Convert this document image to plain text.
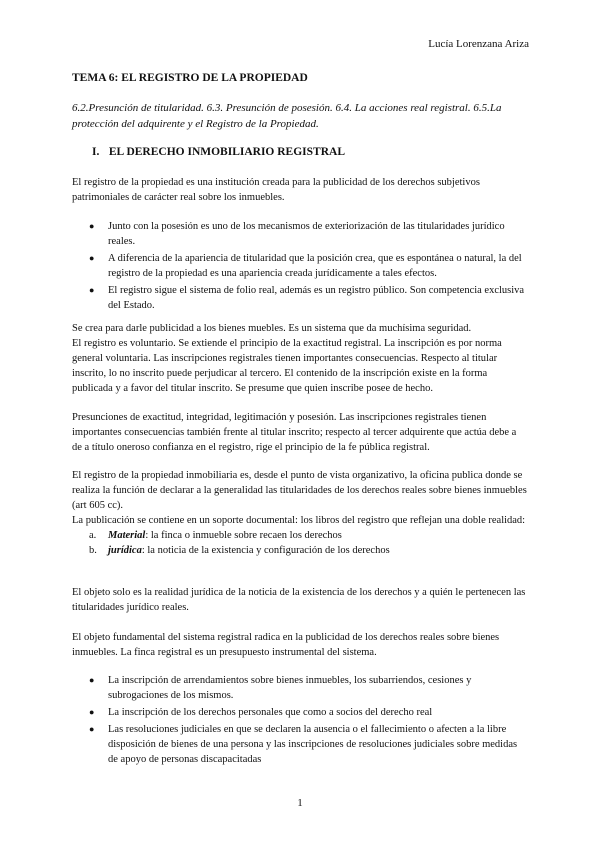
Lucía Lorenzana Ariza
TEMA 6: EL REGISTRO DE LA PROPIEDAD
6.2.Presunción de titularidad. 6.3. Presunción de posesión. 6.4. La acciones real registral. 6.5.La protección del adquirente y el Registro de la Propiedad.
I. EL DERECHO INMOBILIARIO REGISTRAL
El registro de la propiedad es una institución creada para la publicidad de los derechos subjetivos patrimoniales de carácter real sobre los inmuebles.
● Junto con la posesión es uno de los mecanismos de exteriorización de las titularidades jurídico reales.
● A diferencia de la apariencia de titularidad que la posición crea, que es espontánea o natural, la del registro de la propiedad es una apariencia creada jurídicamente a tales efectos.
● El registro sigue el sistema de folio real, además es un registro público. Son competencia exclusiva del Estado.
Se crea para darle publicidad a los bienes muebles. Es un sistema que da muchísima seguridad.
El registro es voluntario. Se extiende el principio de la exactitud registral. La inscripción es por norma general voluntaria. Las inscripciones registrales tienen importantes consecuencias. Respecto al titular inscrito, lo no inscrito puede perjudicar al tercero. El contenido de la inscripción existe en la forma publicada y a favor del titular inscrito. Se presume que quien inscribe posee de hecho.
Presunciones de exactitud, integridad, legitimación y posesión. Las inscripciones registrales tienen importantes consecuencias también frente al titular inscrito; respecto al tercer adquirente que actúa debe a de a título oneroso confianza en el registro, rige el principio de la fe pública registral.
El registro de la propiedad inmobiliaria es, desde el punto de vista organizativo, la oficina publica donde se realiza la función de declarar a la generalidad las titularidades de los derechos reales sobre bienes inmuebles (art 605 cc).
La publicación se contiene en un soporte documental: los libros del registro que reflejan una doble realidad:
a. Material: la finca o inmueble sobre recaen los derechos
b. jurídica: la noticia de la existencia y configuración de los derechos
El objeto solo es la realidad jurídica de la noticia de la existencia de los derechos y a quién le pertenecen las titularidades jurídico reales.
El objeto fundamental del sistema registral radica en la publicidad de los derechos reales sobre bienes inmuebles. La finca registral es un presupuesto instrumental del sistema.
● La inscripción de arrendamientos sobre bienes inmuebles, los subarriendos, cesiones y subrogaciones de los mismos.
● La inscripción de los derechos personales que como a socios del derecho real
● Las resoluciones judiciales en que se declaren la ausencia o el fallecimiento o afecten a la libre disposición de bienes de una persona y las inscripciones de resoluciones judiciales sobre medidas de apoyo de personas discapacitadas
1
